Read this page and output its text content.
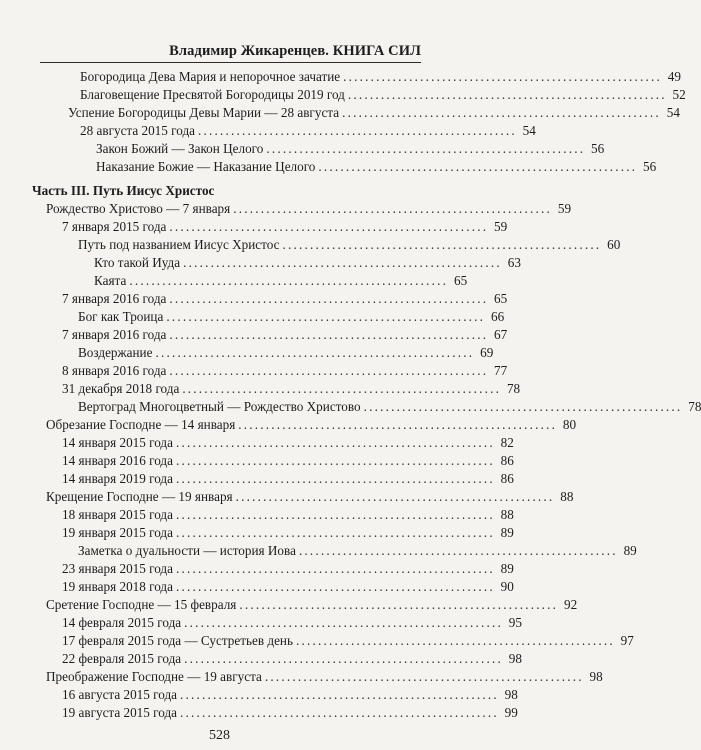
Владимир Жикаренцев. КНИГА СИЛ
Богородица Дева Мария и непорочное зачатие .......................................................... 49
Благовещение Пресвятой Богородицы 2019 год .......................................................... 52
Успение Богородицы Девы Марии — 28 августа .......................................................... 54
28 августа 2015 года .......................................................... 54
Закон Божий — Закон Целого .......................................................... 56
Наказание Божие — Наказание Целого .......................................................... 56
Часть III. Путь Иисус Христос
Рождество Христово — 7 января .......................................................... 59
7 января 2015 года .......................................................... 59
Путь под названием Иисус Христос .......................................................... 60
Кто такой Иуда .......................................................... 63
Каята .......................................................... 65
7 января 2016 года .......................................................... 65
Бог как Троица .......................................................... 66
7 января 2016 года .......................................................... 67
Воздержание .......................................................... 69
8 января 2016 года .......................................................... 77
31 декабря 2018 года .......................................................... 78
Вертоград Многоцветный — Рождество Христово .......................................................... 78
Обрезание Господне — 14 января .......................................................... 80
14 января 2015 года .......................................................... 82
14 января 2016 года .......................................................... 86
14 января 2019 года .......................................................... 86
Крещение Господне — 19 января .......................................................... 88
18 января 2015 года .......................................................... 88
19 января 2015 года .......................................................... 89
Заметка о дуальности — история Иова .......................................................... 89
23 января 2015 года .......................................................... 89
19 января 2018 года .......................................................... 90
Сретение Господне — 15 февраля .......................................................... 92
14 февраля 2015 года .......................................................... 95
17 февраля 2015 года — Сустретьев день .......................................................... 97
22 февраля 2015 года .......................................................... 98
Преображение Господне — 19 августа .......................................................... 98
16 августа 2015 года .......................................................... 98
19 августа 2015 года .......................................................... 99
528
